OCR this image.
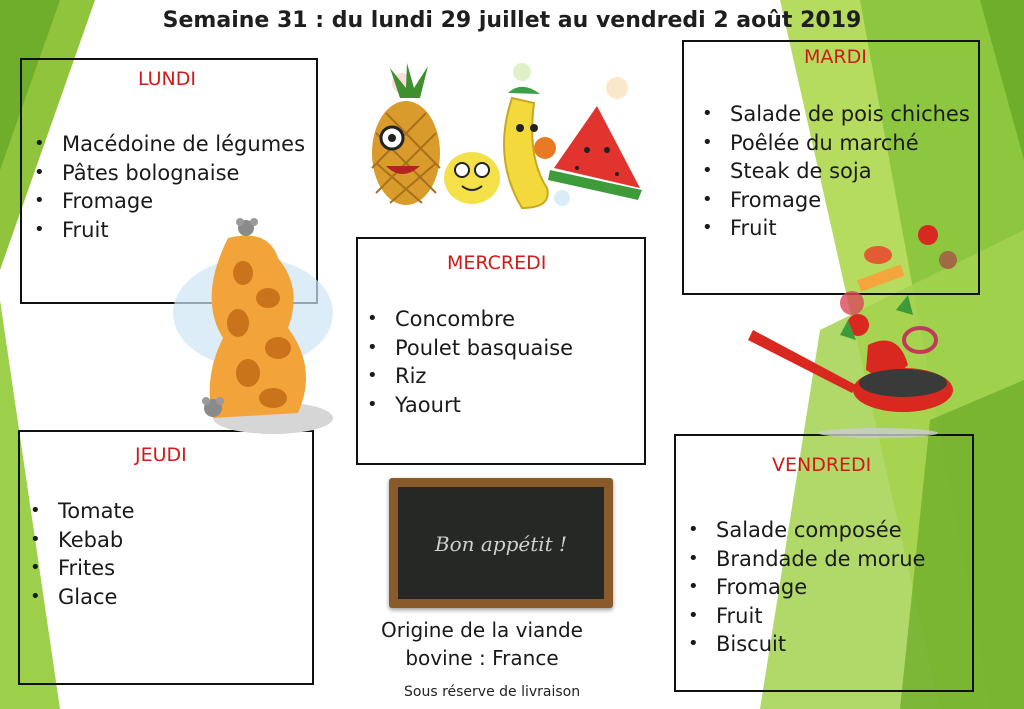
Semaine 31 : du lundi 29 juillet au vendredi 2 août 2019
LUNDI
• Macédoine de légumes
• Pâtes bolognaise
• Fromage
• Fruit
MARDI
• Salade de pois chiches
• Poêlée du marché
• Steak de soja
• Fromage
• Fruit
MERCREDI
• Concombre
• Poulet basquaise
• Riz
• Yaourt
JEUDI
• Tomate
• Kebab
• Frites
• Glace
VENDREDI
• Salade composée
• Brandade de morue
• Fromage
• Fruit
• Biscuit
Bon appétit !
Origine de la viande
bovine : France
Sous réserve de livraison
